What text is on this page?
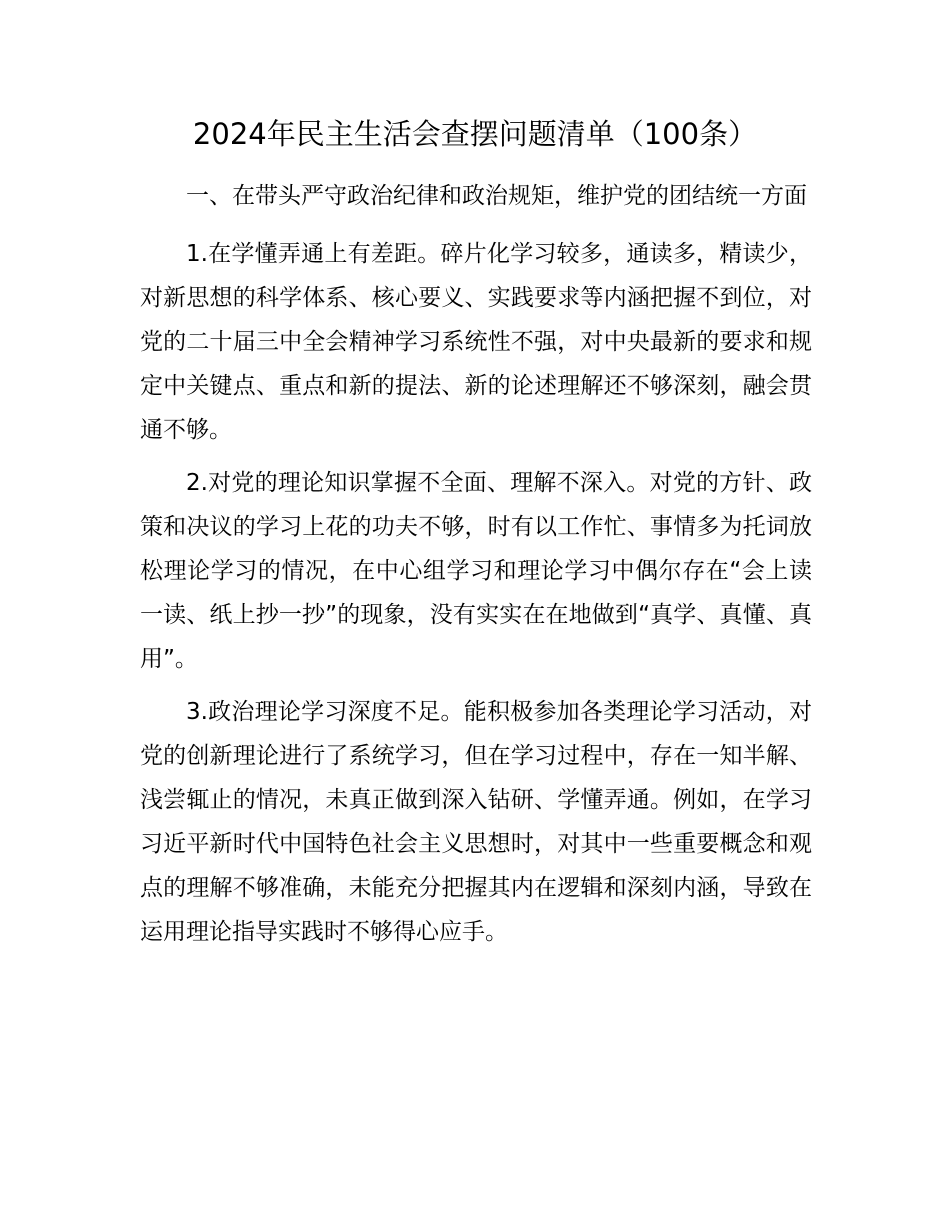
2024年民主生活会查摆问题清单（100条）

一、在带头严守政治纪律和政治规矩，维护党的团结统一方面

1.在学懂弄通上有差距。碎片化学习较多，通读多，精读少，对新思想的科学体系、核心要义、实践要求等内涵把握不到位，对党的二十届三中全会精神学习系统性不强，对中央最新的要求和规定中关键点、重点和新的提法、新的论述理解还不够深刻，融会贯通不够。

2.对党的理论知识掌握不全面、理解不深入。对党的方针、政策和决议的学习上花的功夫不够，时有以工作忙、事情多为托词放松理论学习的情况，在中心组学习和理论学习中偶尔存在“会上读一读、纸上抄一抄”的现象，没有实实在在地做到“真学、真懂、真用”。

3.政治理论学习深度不足。能积极参加各类理论学习活动，对党的创新理论进行了系统学习，但在学习过程中，存在一知半解、浅尝辄止的情况，未真正做到深入钻研、学懂弄通。例如，在学习习近平新时代中国特色社会主义思想时，对其中一些重要概念和观点的理解不够准确，未能充分把握其内在逻辑和深刻内涵，导致在运用理论指导实践时不够得心应手。
